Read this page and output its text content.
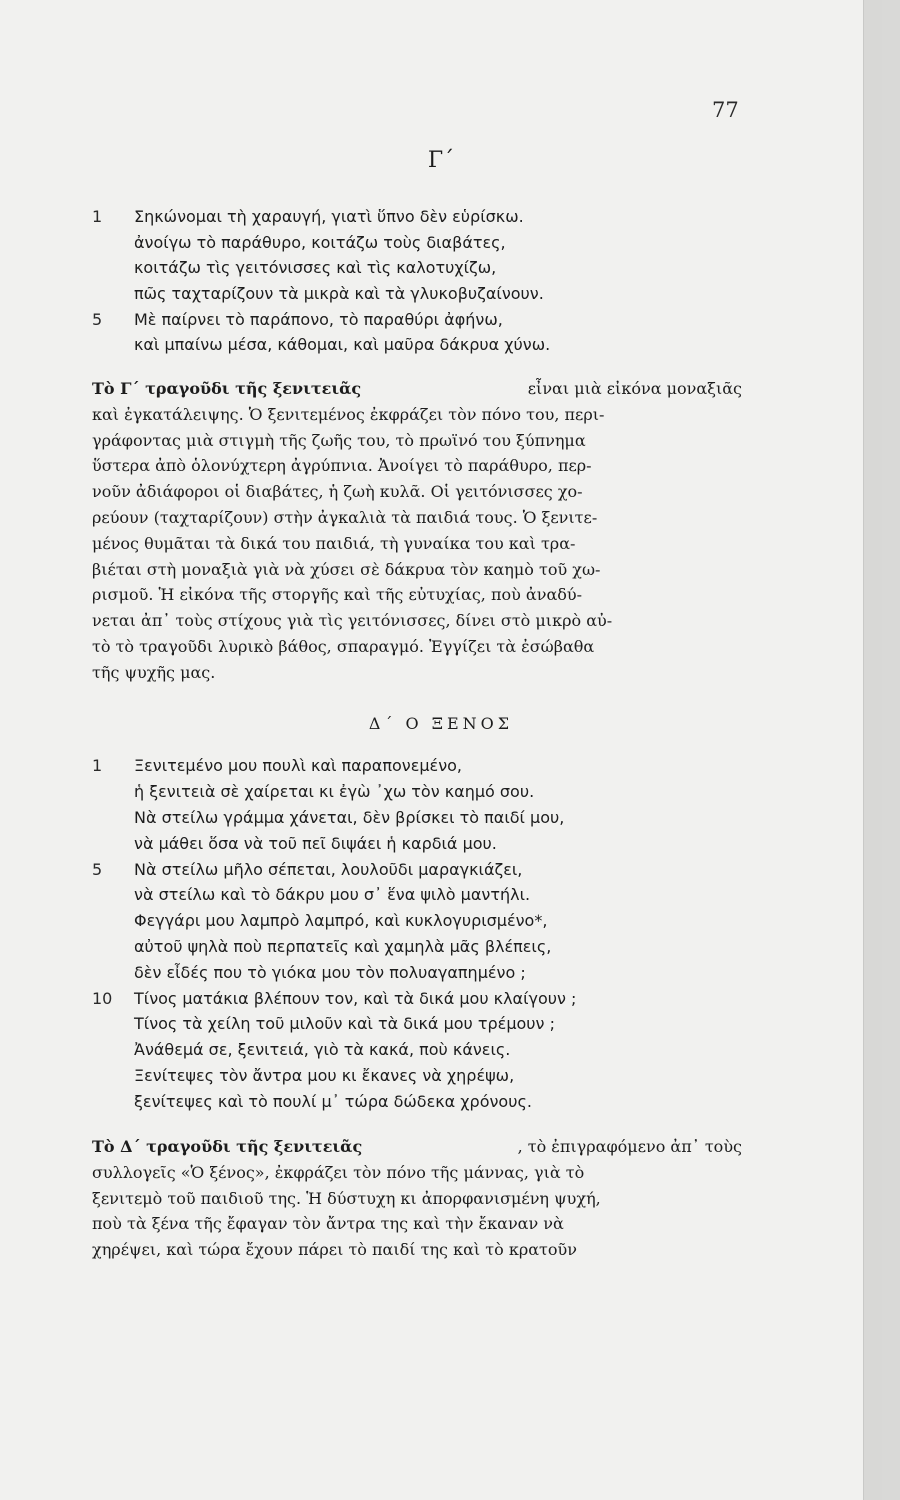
77
Γ΄
1	Σηκώνομαι τὴ χαραυγή, γιατὶ ὕπνο δὲν εὑρίσκω.
ἀνοίγω τὸ παράθυρο, κοιτάζω τοὺς διαβάτες,
κοιτάζω τὶς γειτόνισσες καὶ τὶς καλοτυχίζω,
πῶς ταχταρίζουν τὰ μικρὰ καὶ τὰ γλυκοβυζαίνουν.
5	Μὲ παίρνει τὸ παράπονο, τὸ παραθύρι ἀφήνω,
καὶ μπαίνω μέσα, κάθομαι, καὶ μαῦρα δάκρυα χύνω.
Τὸ Γ΄ τραγοῦδι τῆς ξενιτειᾶς	εἶναι μιὰ εἰκόνα μοναξιᾶς
καὶ ἐγκατάλειψης. Ὁ ξενιτεμένος ἐκφράζει τὸν πόνο του, περι-
γράφοντας μιὰ στιγμὴ τῆς ζωῆς του, τὸ πρωϊνό του ξύπνημα
ὕστερα ἀπὸ ὁλονύχτερη ἀγρύπνια. Ἀνοίγει τὸ παράθυρο, περ-
νοῦν ἀδιάφοροι οἱ διαβάτες, ἡ ζωὴ κυλᾶ. Οἱ γειτόνισσες χο-
ρεύουν (ταχταρίζουν) στὴν ἀγκαλιὰ τὰ παιδιά τους. Ὁ ξενιτε-
μένος θυμᾶται τὰ δικά του παιδιά, τὴ γυναίκα του καὶ τρα-
βιέται στὴ μοναξιὰ γιὰ νὰ χύσει σὲ δάκρυα τὸν καημὸ τοῦ χω-
ρισμοῦ. Ἡ εἰκόνα τῆς στοργῆς καὶ τῆς εὐτυχίας, ποὺ ἀναδύ-
νεται ἀπ᾿ τοὺς στίχους γιὰ τὶς γειτόνισσες, δίνει στὸ μικρὸ αὐ-
τὸ τὸ τραγοῦδι λυρικὸ βάθος, σπαραγμό. Ἐγγίζει τὰ ἐσώβαθα
τῆς ψυχῆς μας.
Δ΄ Ο ΞΕΝΟΣ
1	Ξενιτεμένο μου πουλὶ καὶ παραπονεμένο,
ἡ ξενιτειὰ σὲ χαίρεται κι ἐγὼ ᾿χω τὸν καημό σου.
Νὰ στείλω γράμμα χάνεται, δὲν βρίσκει τὸ παιδί μου,
νὰ μάθει ὅσα νὰ τοῦ πεῖ διψάει ἡ καρδιά μου.
5	Νὰ στείλω μῆλο σέπεται, λουλοῦδι μαραγκιάζει,
νὰ στείλω καὶ τὸ δάκρυ μου σ᾿ ἕνα ψιλὸ μαντήλι.
Φεγγάρι μου λαμπρὸ λαμπρό, καὶ κυκλογυρισμένο*,
αὐτοῦ ψηλὰ ποὺ περπατεῖς καὶ χαμηλὰ μᾶς βλέπεις,
δὲν εἶδές που τὸ γιόκα μου τὸν πολυαγαπημένο ;
10	Τίνος ματάκια βλέπουν τον, καὶ τὰ δικά μου κλαίγουν ;
Τίνος τὰ χείλη τοῦ μιλοῦν καὶ τὰ δικά μου τρέμουν ;
Ἀνάθεμά σε, ξενιτειά, γιὸ τὰ κακά, ποὺ κάνεις.
Ξενίτεψες τὸν ἄντρα μου κι ἔκανες νὰ χηρέψω,
ξενίτεψες καὶ τὸ πουλί μ᾿ τώρα δώδεκα χρόνους.
Τὸ Δ΄ τραγοῦδι τῆς ξενιτειᾶς	, τὸ ἐπιγραφόμενο ἀπ᾿ τοὺς
συλλογεῖς «Ὁ ξένος», ἐκφράζει τὸν πόνο τῆς μάννας, γιὰ τὸ
ξενιτεμὸ τοῦ παιδιοῦ της. Ἡ δύστυχη κι ἀπορφανισμένη ψυχή,
ποὺ τὰ ξένα τῆς ἔφαγαν τὸν ἄντρα της καὶ τὴν ἔκαναν νὰ
χηρέψει, καὶ τώρα ἔχουν πάρει τὸ παιδί της καὶ τὸ κρατοῦν
